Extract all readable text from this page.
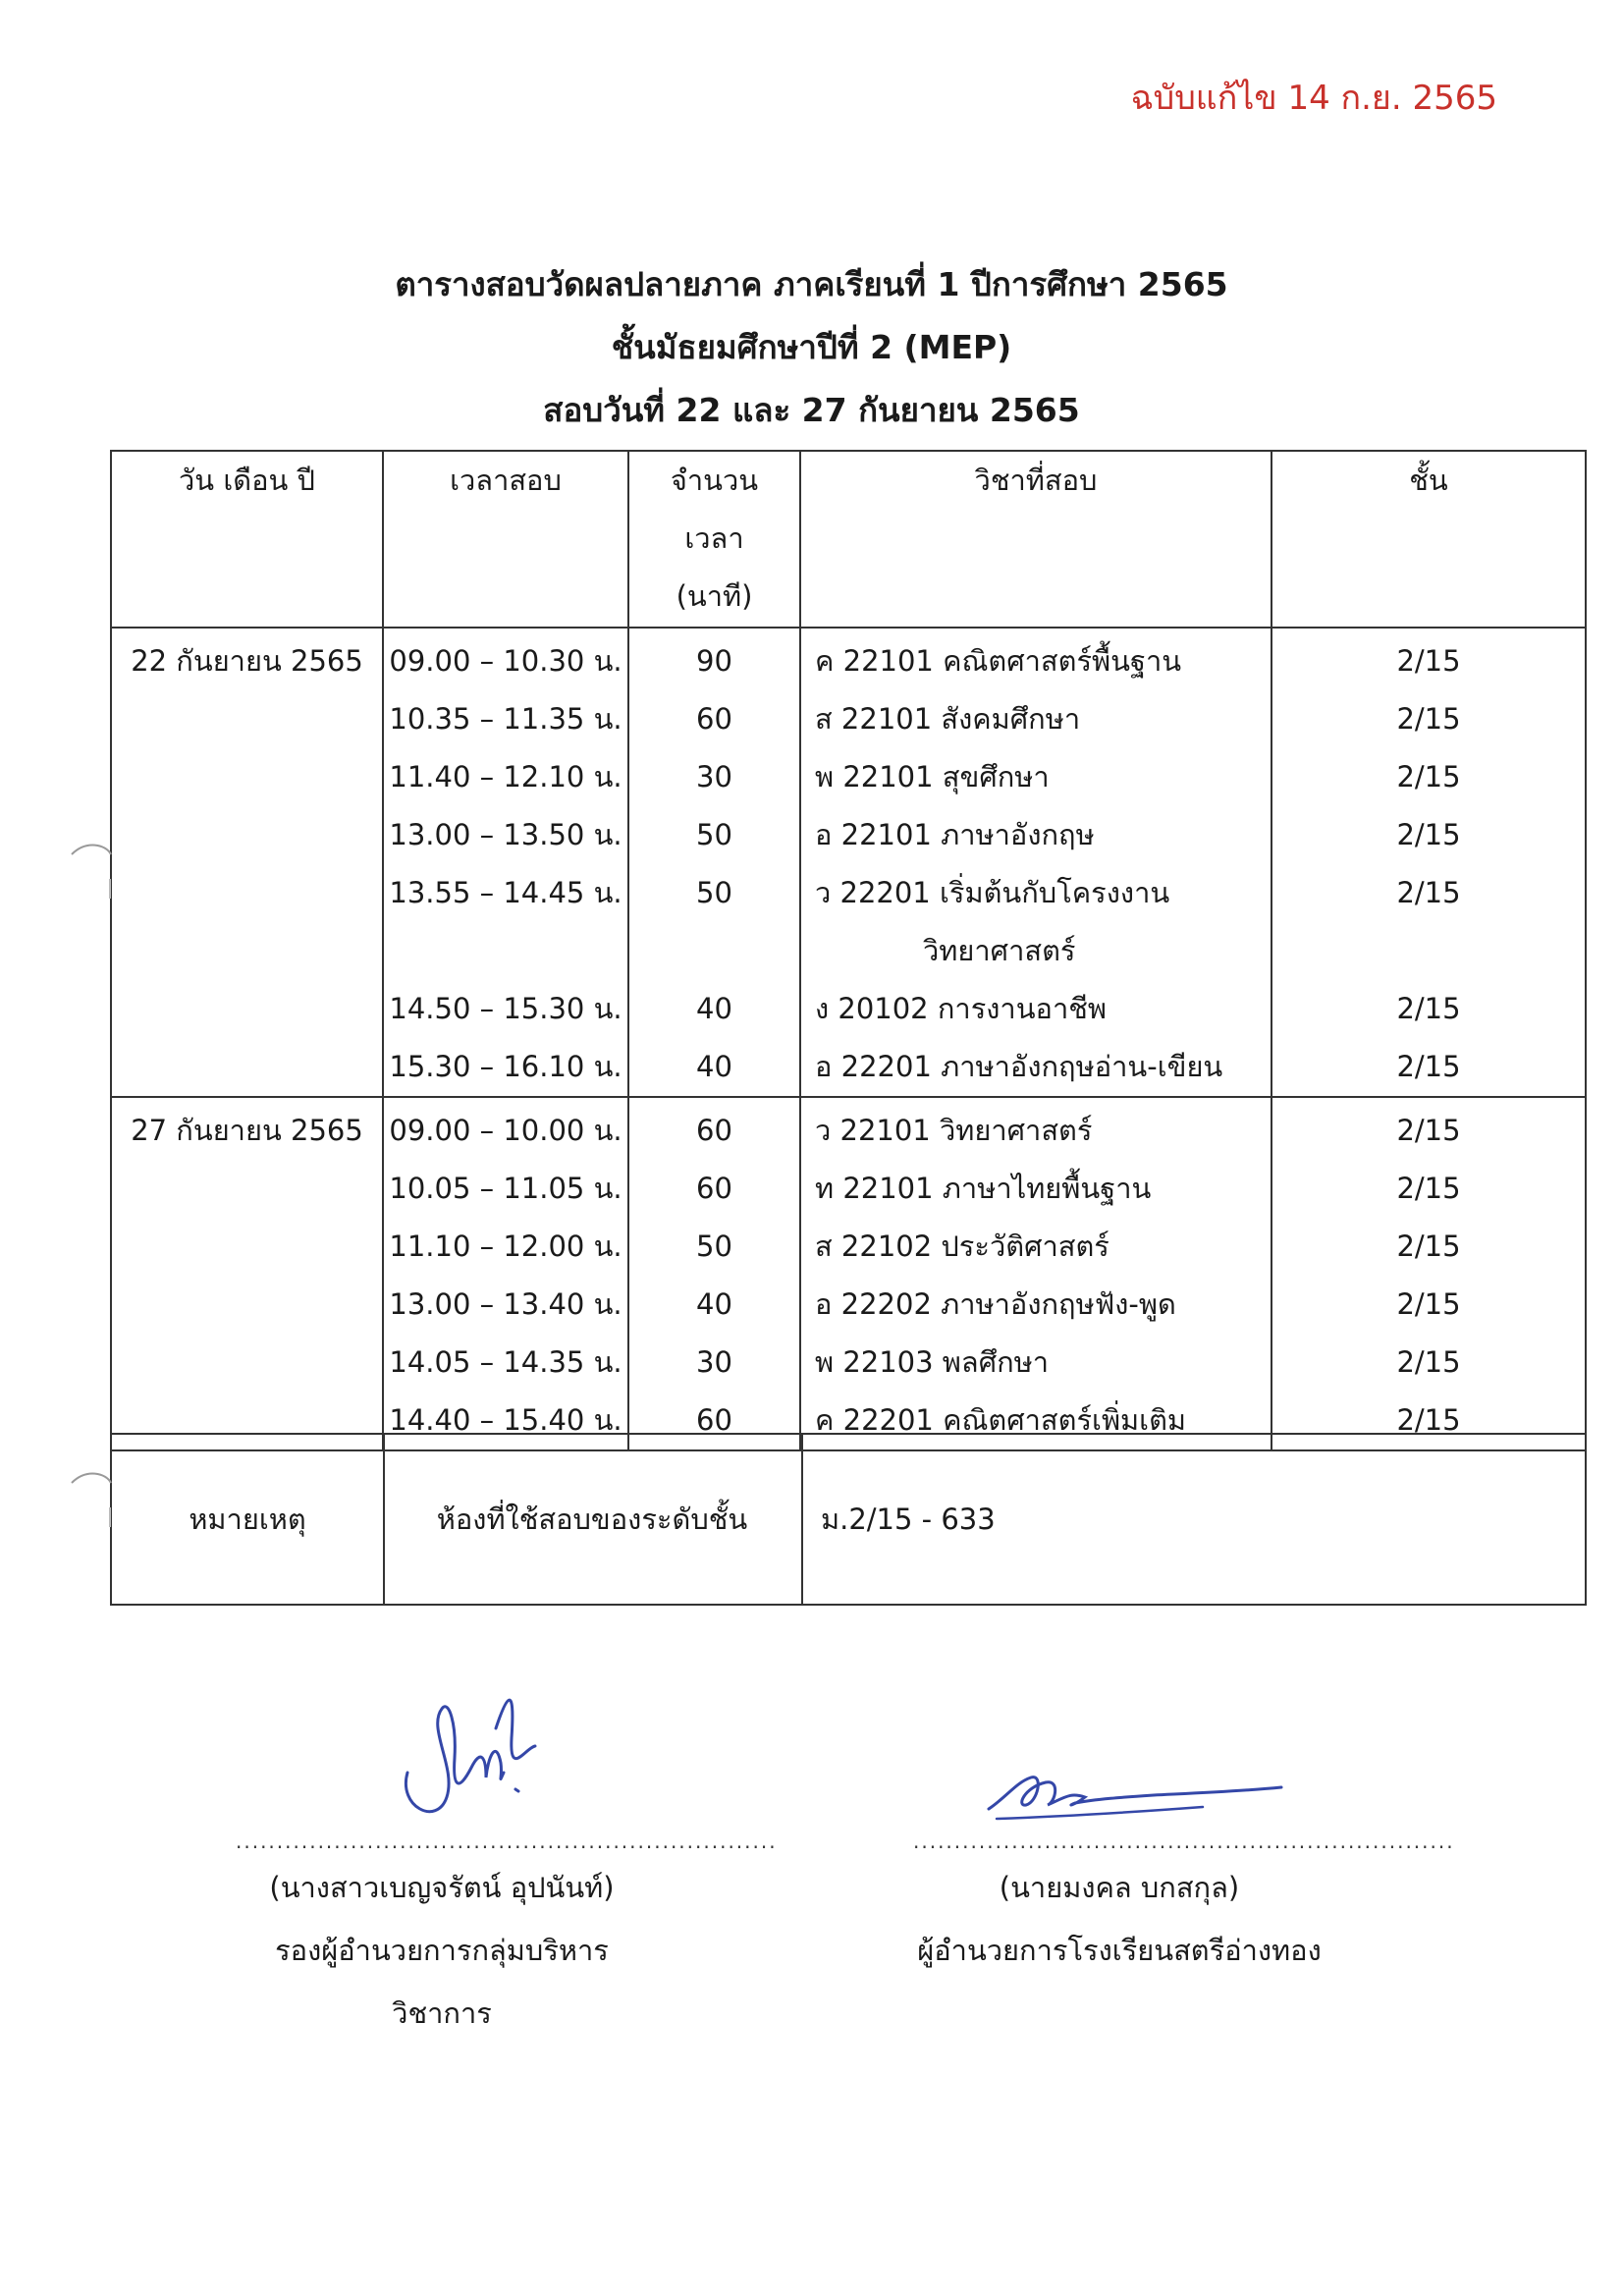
ฉบับแก้ไข 14 ก.ย. 2565
ตารางสอบวัดผลปลายภาค ภาคเรียนที่ 1 ปีการศึกษา 2565
ชั้นมัธยมศึกษาปีที่ 2 (MEP)
สอบวันที่ 22 และ 27 กันยายน 2565
วัน เดือน ปี	เวลาสอบ	จำนวน
เวลา
(นาที)	วิชาที่สอบ	ชั้น

22 กันยายน 2565	09.00 – 10.30 น.	90	ค 22101 คณิตศาสตร์พื้นฐาน	2/15
	10.35 – 11.35 น.	60	ส 22101 สังคมศึกษา	2/15
	11.40 – 12.10 น.	30	พ 22101 สุขศึกษา	2/15
	13.00 – 13.50 น.	50	อ 22101 ภาษาอังกฤษ	2/15
	13.55 – 14.45 น.	50	ว 22201 เริ่มต้นกับโครงงาน	2/15

			วิทยาศาสตร์	

	14.50 – 15.30 น.	40	ง 20102 การงานอาชีพ	2/15
	15.30 – 16.10 น.	40	อ 22201 ภาษาอังกฤษอ่าน-เขียน	2/15
27 กันยายน 2565	09.00 – 10.00 น.	60	ว 22101 วิทยาศาสตร์	2/15
	10.05 – 11.05 น.	60	ท 22101 ภาษาไทยพื้นฐาน	2/15
	11.10 – 12.00 น.	50	ส 22102 ประวัติศาสตร์	2/15
	13.00 – 13.40 น.	40	อ 22202 ภาษาอังกฤษฟัง-พูด	2/15
	14.05 – 14.35 น.	30	พ 22103 พลศึกษา	2/15
	14.40 – 15.40 น.	60	ค 22201 คณิตศาสตร์เพิ่มเติม	2/15
หมายเหตุ	ห้องที่ใช้สอบของระดับชั้น	ม.2/15 - 633
..................................................................
(นางสาวเบญจรัตน์ อุปนันท์)
รองผู้อำนวยการกลุ่มบริหารวิชาการ
..................................................................
(นายมงคล บกสกุล)
ผู้อำนวยการโรงเรียนสตรีอ่างทอง
